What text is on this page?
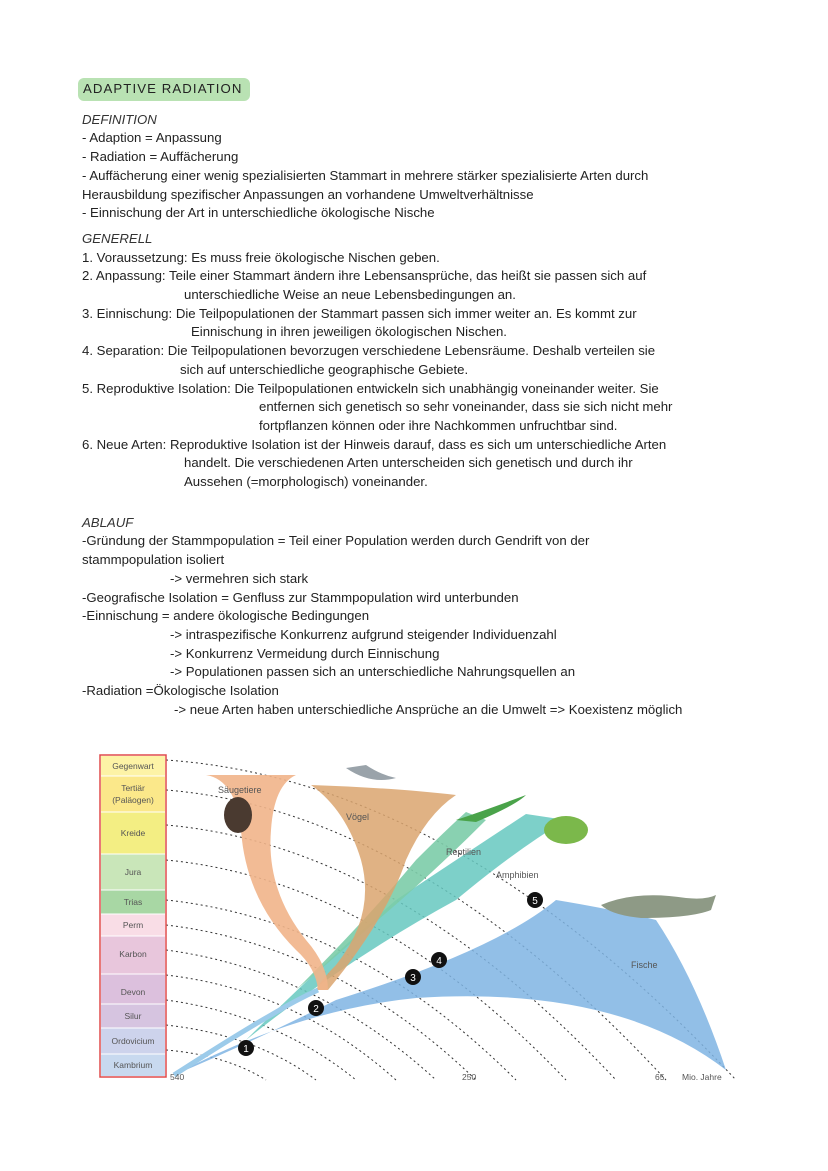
ADAPTIVE RADIATION
DEFINITION
- Adaption = Anpassung
- Radiation = Auffächerung
- Auffächerung einer wenig spezialisierten Stammart in mehrere stärker spezialisierte Arten durch
Herausbildung spezifischer Anpassungen an vorhandene Umweltverhältnisse
- Einnischung der Art in unterschiedliche ökologische Nische
GENERELL
1. Voraussetzung: Es muss freie ökologische Nischen geben.
2. Anpassung: Teile einer Stammart ändern ihre Lebensansprüche, das heißt sie passen sich auf
unterschiedliche Weise an neue Lebensbedingungen an.
3. Einnischung: Die Teilpopulationen der Stammart passen sich immer weiter an. Es kommt zur
Einnischung in ihren jeweiligen ökologischen Nischen.
4. Separation: Die Teilpopulationen bevorzugen verschiedene Lebensräume. Deshalb verteilen sie
sich auf unterschiedliche geographische Gebiete.
5. Reproduktive Isolation: Die Teilpopulationen entwickeln sich unabhängig voneinander weiter. Sie
entfernen sich genetisch so sehr voneinander, dass sie sich nicht mehr
fortpflanzen können oder ihre Nachkommen unfruchtbar sind.
6. Neue Arten: Reproduktive Isolation ist der Hinweis darauf, dass es sich um unterschiedliche Arten
handelt. Die verschiedenen Arten unterscheiden sich genetisch und durch ihr
Aussehen (=morphologisch) voneinander.
ABLAUF
-Gründung der Stammpopulation = Teil einer Population werden durch Gendrift von der
stammpopulation isoliert
-> vermehren sich stark
-Geografische Isolation = Genfluss zur Stammpopulation wird unterbunden
-Einnischung = andere ökologische Bedingungen
-> intraspezifische Konkurrenz aufgrund steigender Individuenzahl
-> Konkurrenz Vermeidung durch Einnischung
-> Populationen passen sich an unterschiedliche Nahrungsquellen an
-Radiation =Ökologische Isolation
-> neue Arten haben unterschiedliche Ansprüche an die Umwelt => Koexistenz möglich
Säugetiere
Vögel
Reptilien
Amphibien
Fische
1
2
3
4
5
Gegenwart
Tertiär
(Paläogen)
Kreide
Jura
Trias
Perm
Karbon
Devon
Silur
Ordovicium
Kambrium
540	250	65 Mio. Jahre
